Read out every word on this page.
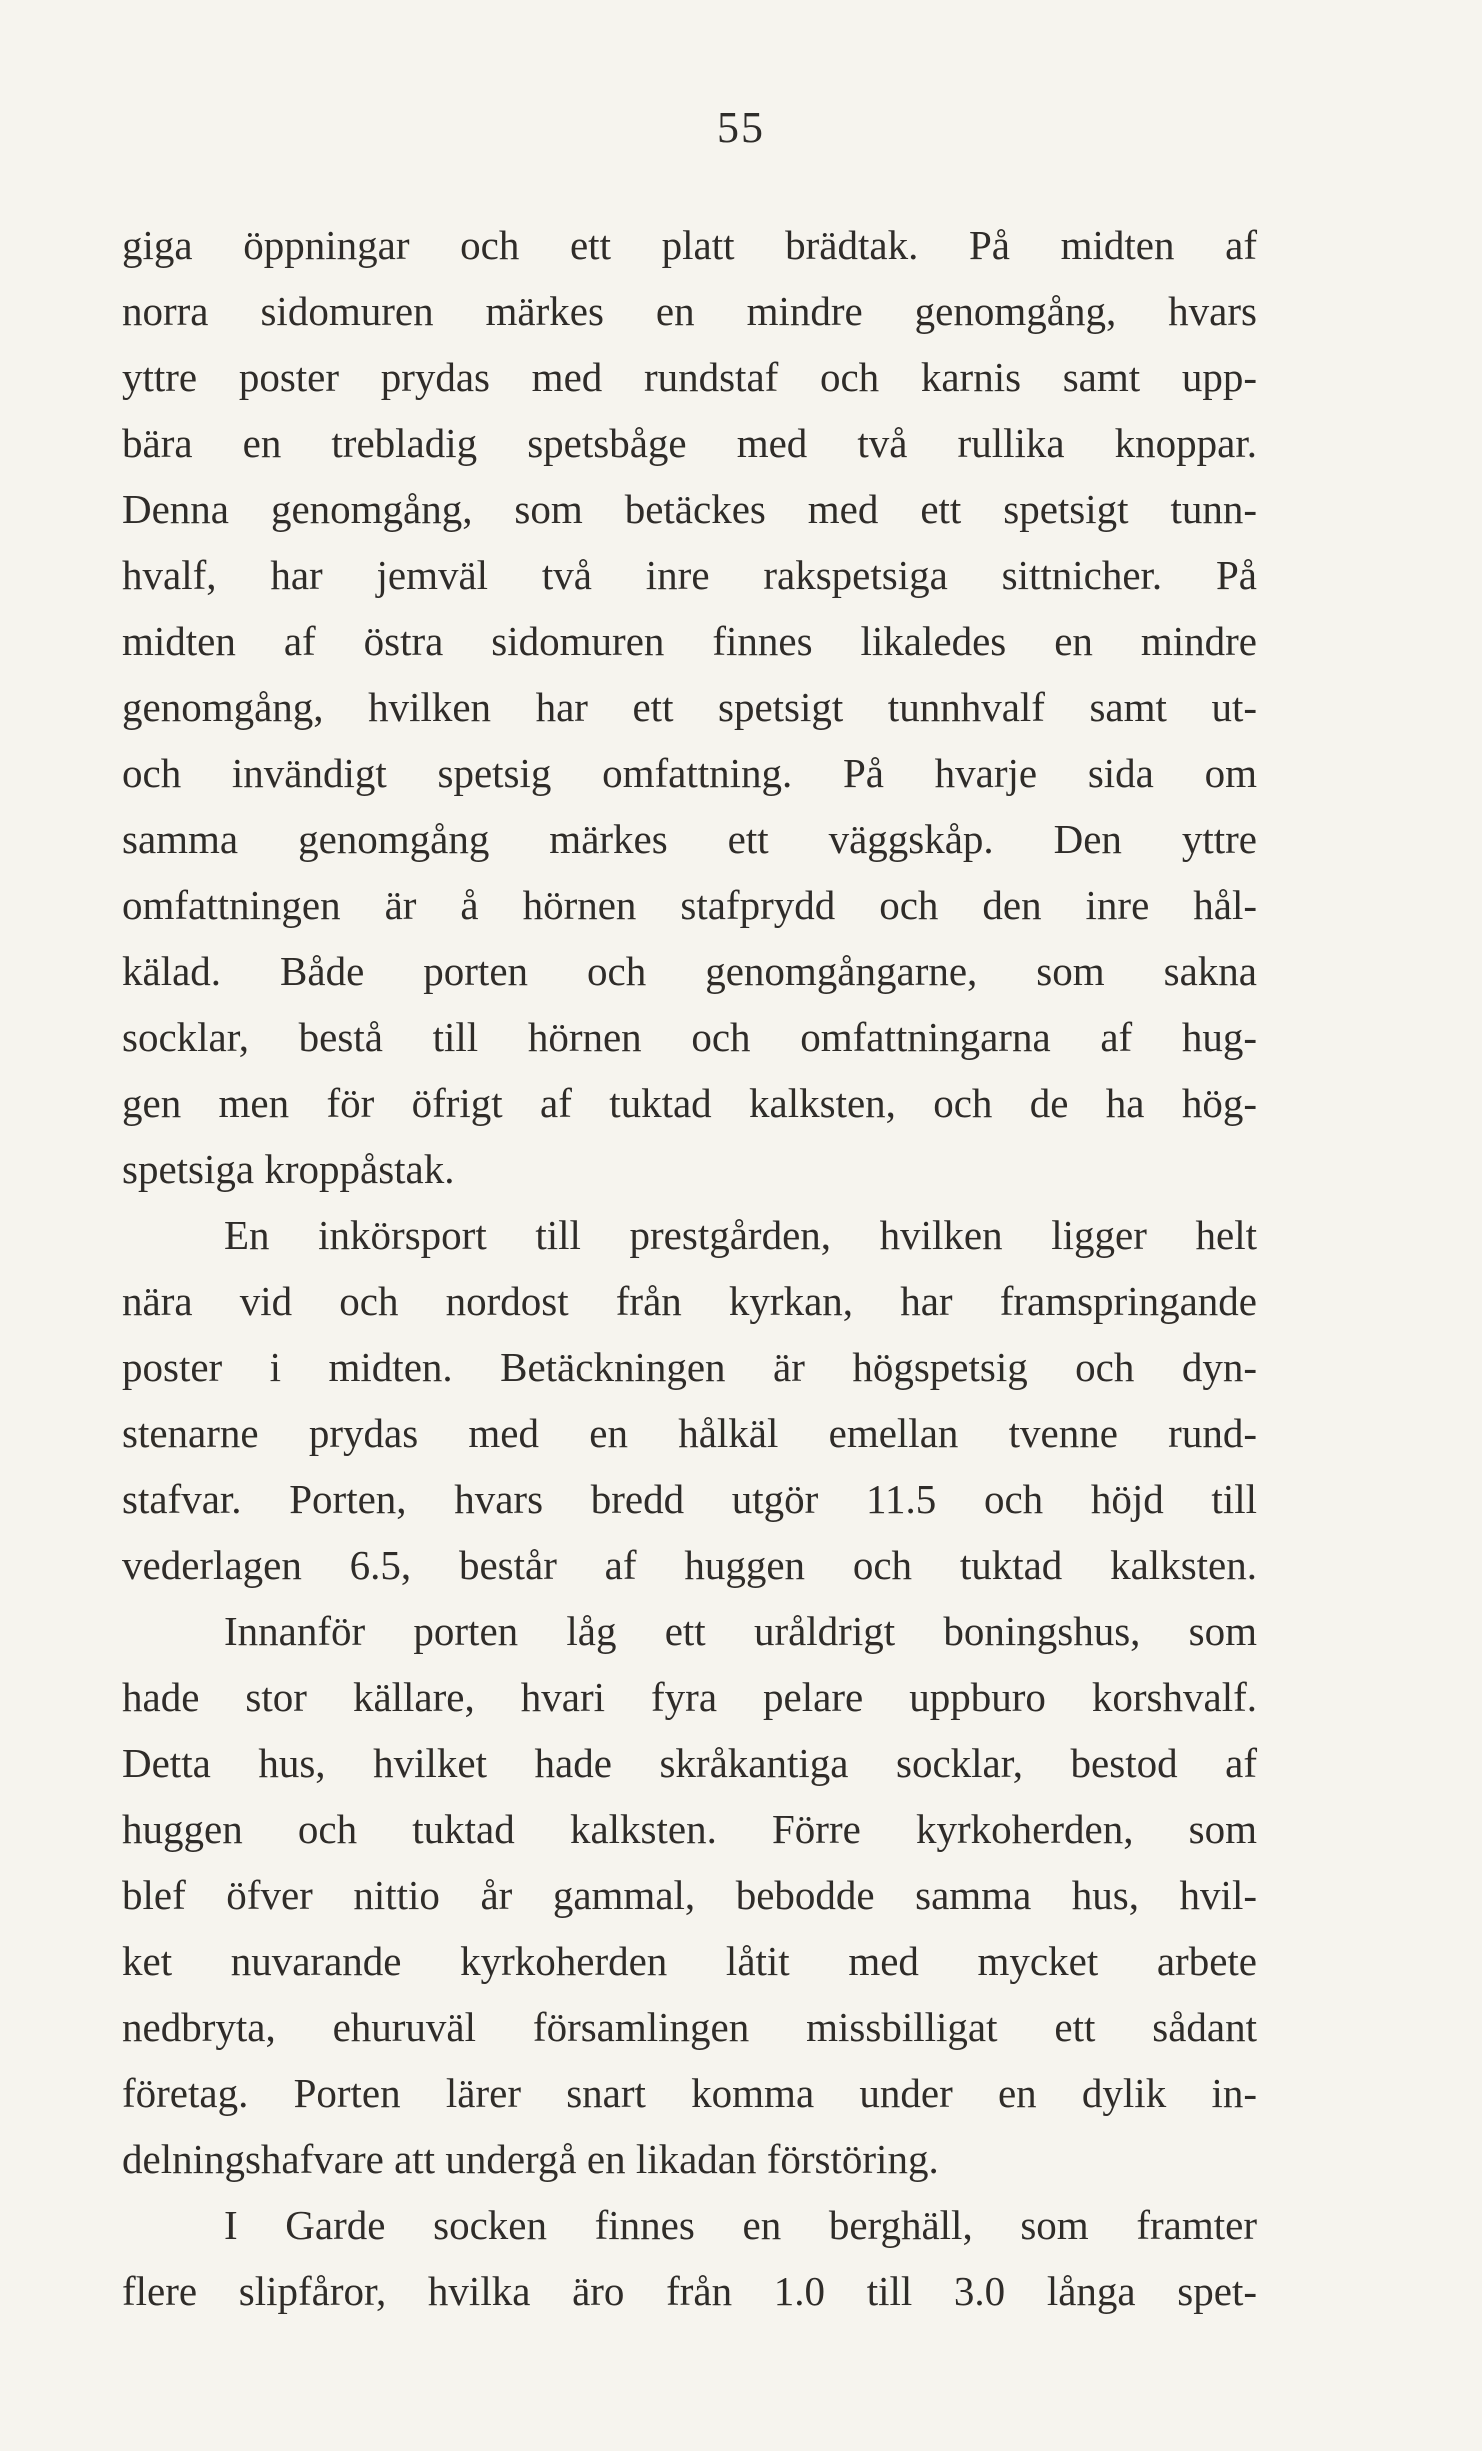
55
giga öppningar och ett platt brädtak. På midten af
norra sidomuren märkes en mindre genomgång, hvars
yttre poster prydas med rundstaf och karnis samt upp-
bära en trebladig spetsbåge med två rullika knoppar.
Denna genomgång, som betäckes med ett spetsigt tunn-
hvalf, har jemväl två inre rakspetsiga sittnicher. På
midten af östra sidomuren finnes likaledes en mindre
genomgång, hvilken har ett spetsigt tunnhvalf samt ut-
och invändigt spetsig omfattning. På hvarje sida om
samma genomgång märkes ett väggskåp. Den yttre
omfattningen är å hörnen stafprydd och den inre hål-
kälad. Både porten och genomgångarne, som sakna
socklar, bestå till hörnen och omfattningarna af hug-
gen men för öfrigt af tuktad kalksten, och de ha hög-
spetsiga kroppåstak.
En inkörsport till prestgården, hvilken ligger helt
nära vid och nordost från kyrkan, har framspringande
poster i midten. Betäckningen är högspetsig och dyn-
stenarne prydas med en hålkäl emellan tvenne rund-
stafvar. Porten, hvars bredd utgör 11.5 och höjd till
vederlagen 6.5, består af huggen och tuktad kalksten.
Innanför porten låg ett uråldrigt boningshus, som
hade stor källare, hvari fyra pelare uppburo korshvalf.
Detta hus, hvilket hade skråkantiga socklar, bestod af
huggen och tuktad kalksten. Förre kyrkoherden, som
blef öfver nittio år gammal, bebodde samma hus, hvil-
ket nuvarande kyrkoherden låtit med mycket arbete
nedbryta, ehuruväl församlingen missbilligat ett sådant
företag. Porten lärer snart komma under en dylik in-
delningshafvare att undergå en likadan förstöring.
I Garde socken finnes en berghäll, som framter
flere slipfåror, hvilka äro från 1.0 till 3.0 långa spet-
